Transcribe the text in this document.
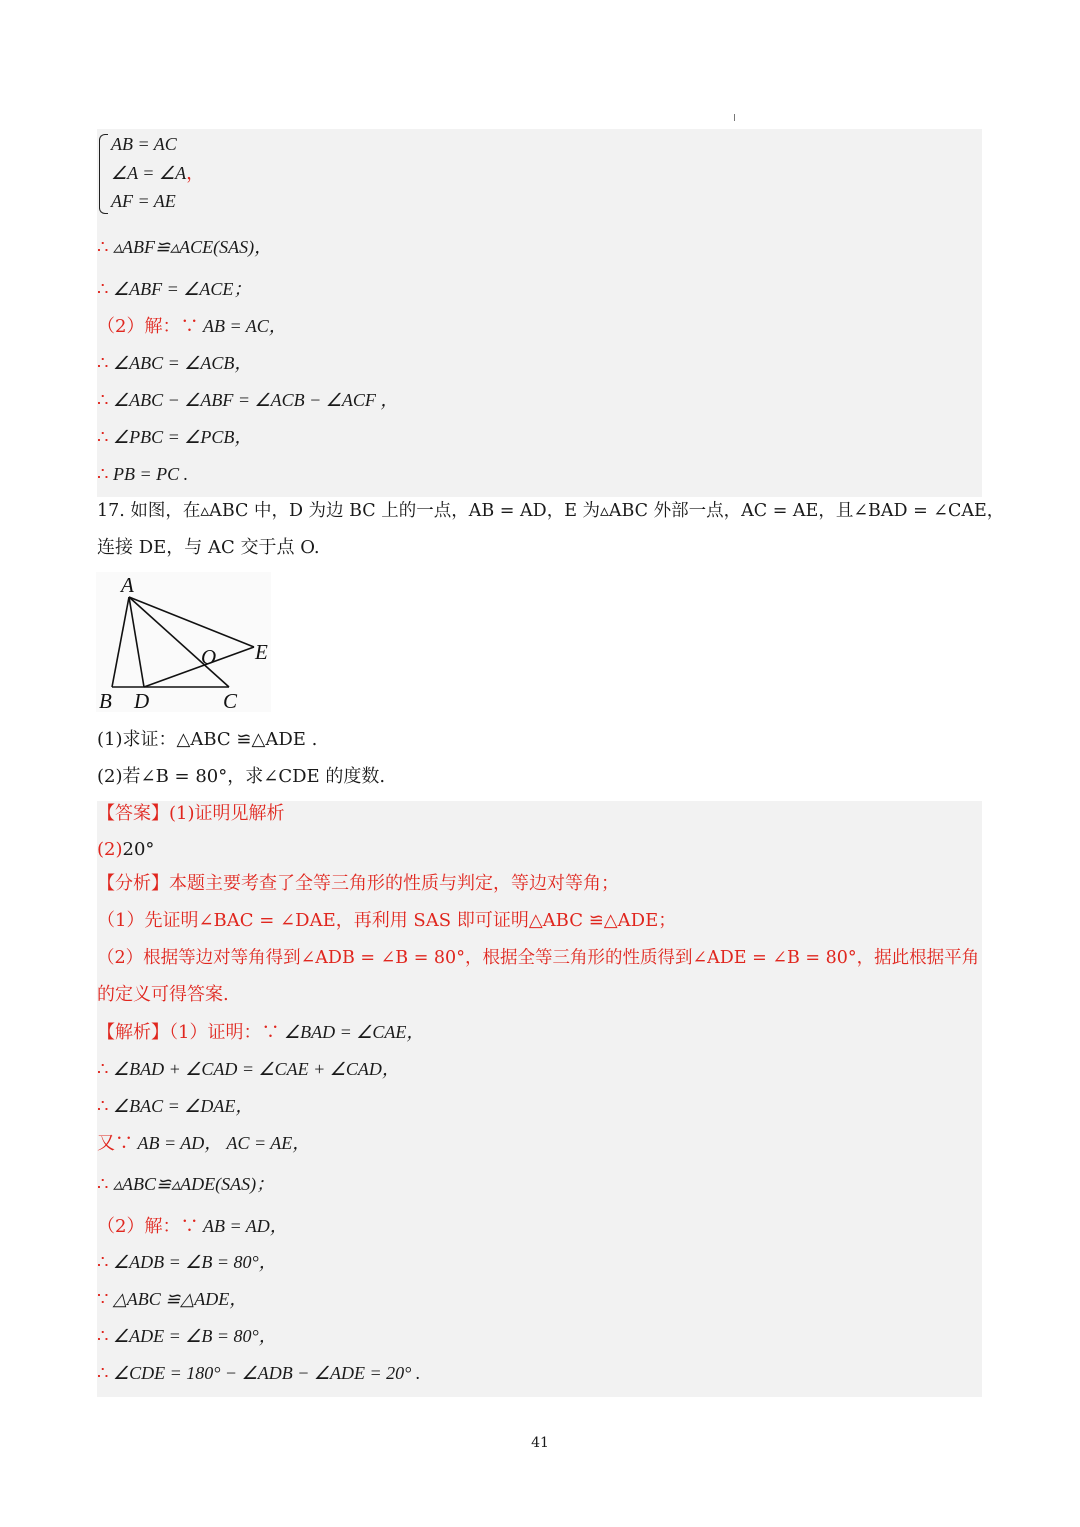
AB = AC
∠A = ∠A，
AF = AE
∴ ▵ABF≌▵ACE(SAS)，
∴ ∠ABF = ∠ACE；
（2）解：∵ AB = AC，
∴ ∠ABC = ∠ACB，
∴ ∠ABC − ∠ABF = ∠ACB − ∠ACF ，
∴ ∠PBC = ∠PCB，
∴ PB = PC .
17. 如图，在▵ABC 中，D 为边 BC 上的一点，AB = AD，E 为▵ABC 外部一点，AC = AE，且∠BAD = ∠CAE，
连接 DE，与 AC 交于点 O.
A
B D	C
E
O
(1)求证：△ABC ≌△ADE .
(2)若∠B = 80°，求∠CDE 的度数.
【答案】(1)证明见解析
(2)20°
【分析】本题主要考查了全等三角形的性质与判定，等边对等角；
（1）先证明∠BAC = ∠DAE，再利用 SAS 即可证明△ABC ≌△ADE；
（2）根据等边对等角得到∠ADB = ∠B = 80°，根据全等三角形的性质得到∠ADE = ∠B = 80°，据此根据平角
的定义可得答案.
【解析】（1）证明：∵ ∠BAD = ∠CAE，
∴ ∠BAD + ∠CAD = ∠CAE + ∠CAD，
∴ ∠BAC = ∠DAE，
又∵ AB = AD， AC = AE，
∴ ▵ABC≌▵ADE(SAS)；
（2）解：∵ AB = AD，
∴ ∠ADB = ∠B = 80°，
∵ △ABC ≌△ADE，
∴ ∠ADE = ∠B = 80°，
∴ ∠CDE = 180° − ∠ADB − ∠ADE = 20° .
41
